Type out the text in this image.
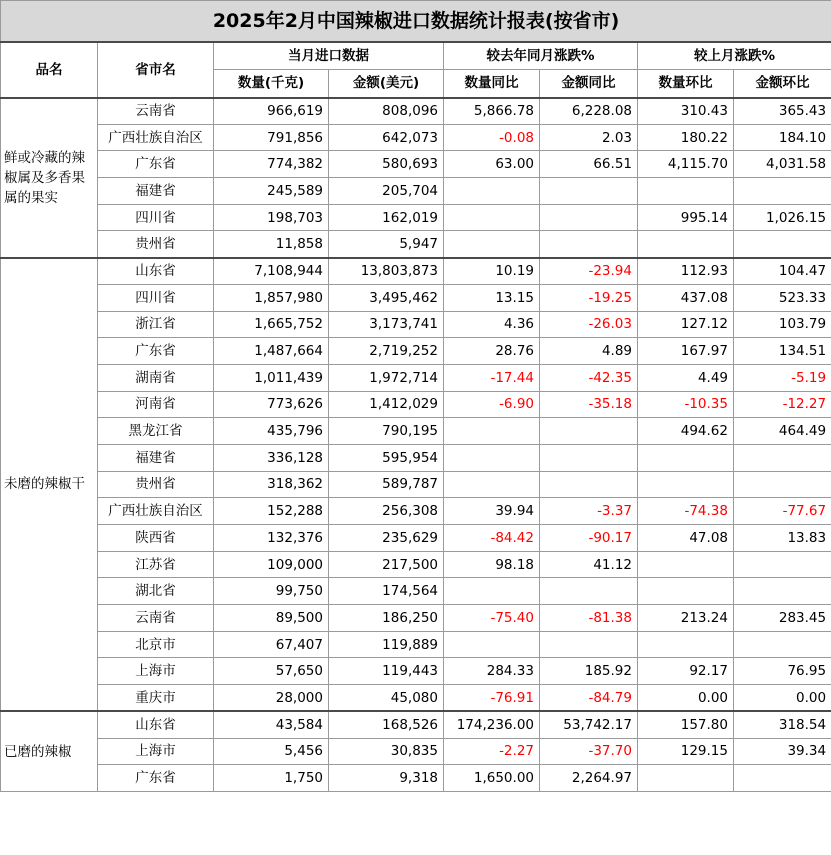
2025年2月中国辣椒进口数据统计报表(按省市)							
品名	省市名	当月进口数据		较去年同月涨跌%		较上月涨跌%	
		数量(千克)	金额(美元)	数量同比	金额同比	数量环比	金额环比
鲜或冷藏的辣椒属及多香果属的果实	云南省	966,619	808,096	5,866.78	6,228.08	310.43	365.43
	广西壮族自治区	791,856	642,073	-0.08	2.03	180.22	184.10
	广东省	774,382	580,693	63.00	66.51	4,115.70	4,031.58
	福建省	245,589	205,704				
	四川省	198,703	162,019			995.14	1,026.15
	贵州省	11,858	5,947				
未磨的辣椒干	山东省	7,108,944	13,803,873	10.19	-23.94	112.93	104.47
	四川省	1,857,980	3,495,462	13.15	-19.25	437.08	523.33
	浙江省	1,665,752	3,173,741	4.36	-26.03	127.12	103.79
	广东省	1,487,664	2,719,252	28.76	4.89	167.97	134.51
	湖南省	1,011,439	1,972,714	-17.44	-42.35	4.49	-5.19
	河南省	773,626	1,412,029	-6.90	-35.18	-10.35	-12.27
	黑龙江省	435,796	790,195			494.62	464.49
	福建省	336,128	595,954				
	贵州省	318,362	589,787				
	广西壮族自治区	152,288	256,308	39.94	-3.37	-74.38	-77.67
	陕西省	132,376	235,629	-84.42	-90.17	47.08	13.83
	江苏省	109,000	217,500	98.18	41.12		
	湖北省	99,750	174,564				
	云南省	89,500	186,250	-75.40	-81.38	213.24	283.45
	北京市	67,407	119,889				
	上海市	57,650	119,443	284.33	185.92	92.17	76.95
	重庆市	28,000	45,080	-76.91	-84.79	0.00	0.00
已磨的辣椒	山东省	43,584	168,526	174,236.00	53,742.17	157.80	318.54
	上海市	5,456	30,835	-2.27	-37.70	129.15	39.34
	广东省	1,750	9,318	1,650.00	2,264.97		
